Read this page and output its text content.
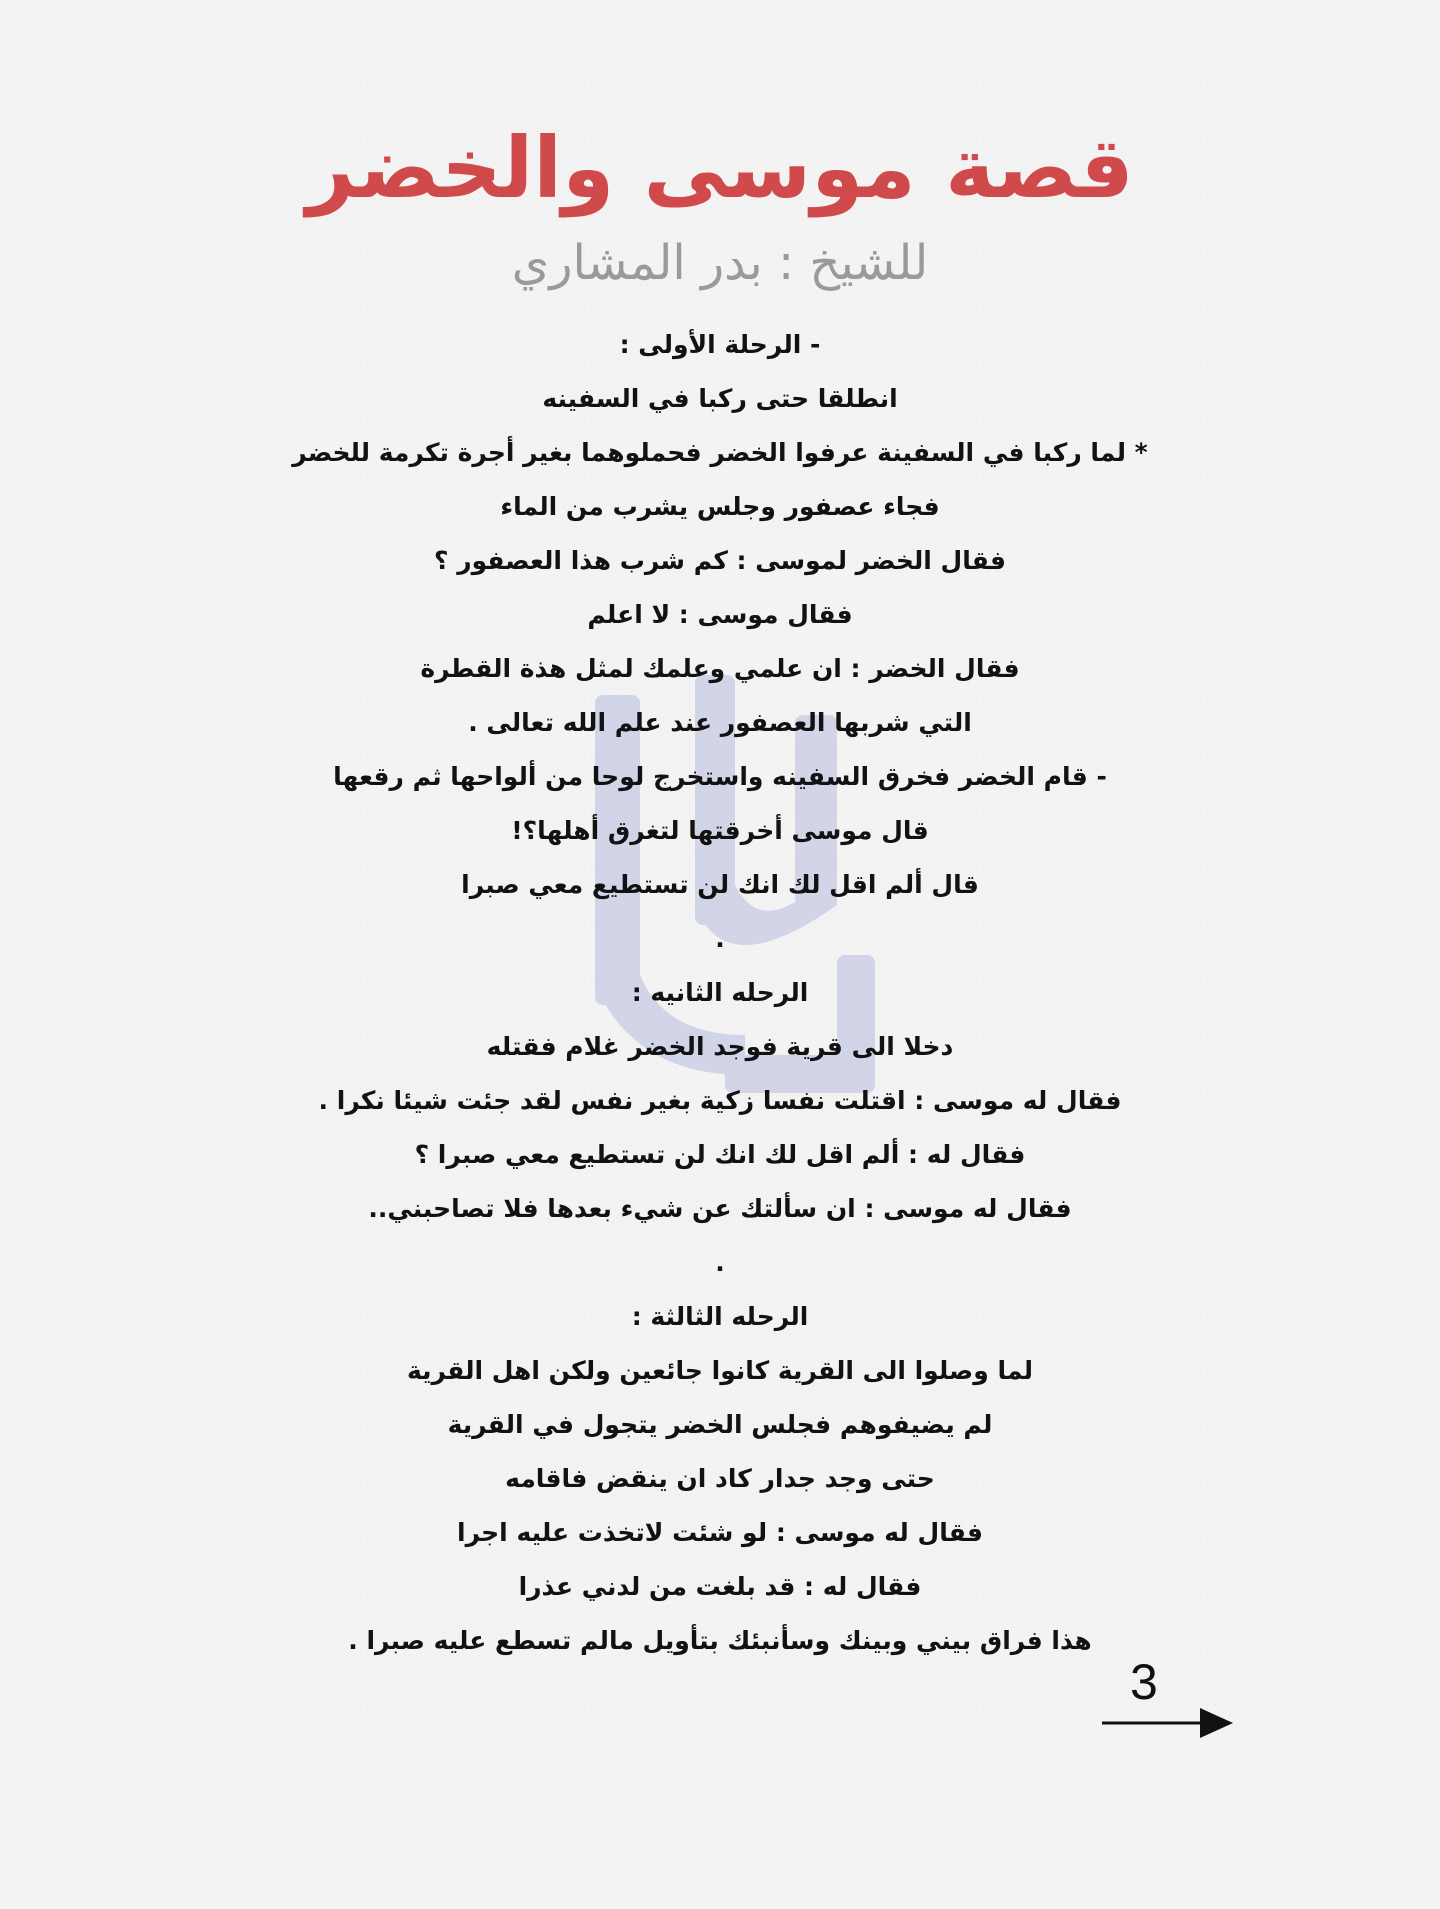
قصة موسى والخضر
للشيخ : بدر المشاري
- الرحلة الأولى :
انطلقا حتى ركبا في السفينه
* لما ركبا في السفينة عرفوا الخضر فحملوهما بغير أجرة تكرمة للخضر
فجاء عصفور وجلس يشرب من الماء
فقال الخضر لموسى : كم شرب هذا العصفور ؟
فقال موسى : لا اعلم
فقال الخضر : ان علمي وعلمك لمثل هذة القطرة
التي شربها العصفور عند علم الله تعالى .
- قام الخضر فخرق السفينه واستخرج لوحا من ألواحها ثم رقعها
قال موسى أخرقتها لتغرق أهلها؟!
قال ألم اقل لك انك لن تستطيع معي صبرا
.
الرحله الثانيه :
دخلا الى قرية فوجد الخضر غلام فقتله
فقال له موسى : اقتلت نفسا زكية بغير نفس لقد جئت شيئا نكرا .
فقال له : ألم اقل لك انك لن تستطيع معي صبرا ؟
فقال له موسى : ان سألتك عن شيء بعدها فلا تصاحبني..
.
الرحله الثالثة :
لما وصلوا الى القرية كانوا جائعين ولكن اهل القرية
لم يضيفوهم فجلس الخضر يتجول في القرية
حتى وجد جدار كاد ان ينقض فاقامه
فقال له موسى : لو شئت لاتخذت عليه اجرا
فقال له : قد بلغت من لدني عذرا
هذا فراق بيني وبينك وسأنبئك بتأويل مالم تسطع عليه صبرا .
3
